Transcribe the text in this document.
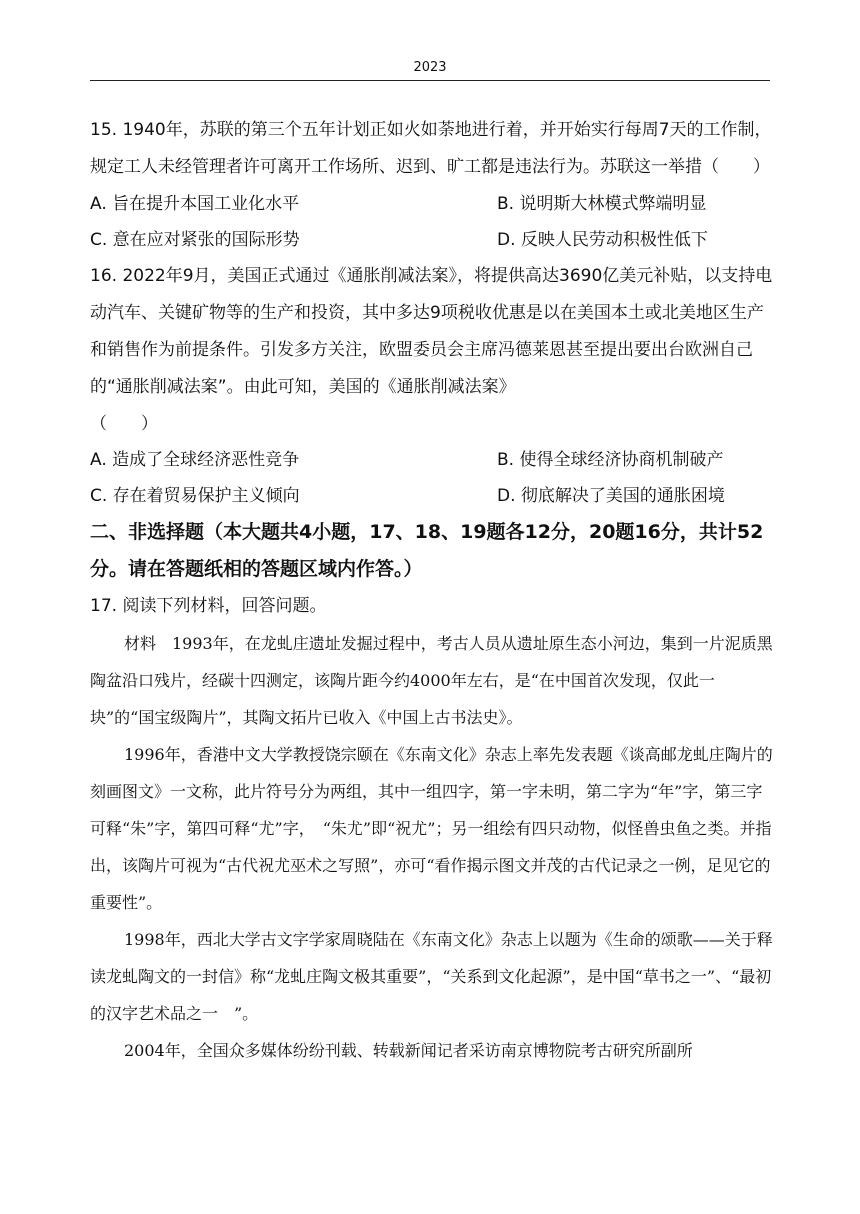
2023

15. 1940年，苏联的第三个五年计划正如火如荼地进行着，并开始实行每周7天的工作制，规定工人未经管理者许可离开工作场所、迟到、旷工都是违法行为。苏联这一举措（　　）

A. 旨在提升本国工业化水平	B. 说明斯大林模式弊端明显
C. 意在应对紧张的国际形势	D. 反映人民劳动积极性低下

16. 2022年9月，美国正式通过《通胀削减法案》，将提供高达3690亿美元补贴，以支持电动汽车、关键矿物等的生产和投资，其中多达9项税收优惠是以在美国本土或北美地区生产和销售作为前提条件。引发多方关注，欧盟委员会主席冯德莱恩甚至提出要出台欧洲自己的“通胀削减法案”。由此可知，美国的《通胀削减法案》

（　　）

A. 造成了全球经济恶性竞争	B. 使得全球经济协商机制破产
C. 存在着贸易保护主义倾向	D. 彻底解决了美国的通胀困境

二、非选择题（本大题共4小题，17、18、19题各12分，20题16分，共计52分。请在答题纸相的答题区域内作答。）

17. 阅读下列材料，回答问题。

材料　1993年，在龙虬庄遗址发掘过程中，考古人员从遗址原生态小河边，集到一片泥质黑陶盆沿口残片，经碳十四测定，该陶片距今约4000年左右，是“在中国首次发现，仅此一块”的“国宝级陶片”，其陶文拓片已收入《中国上古书法史》。

1996年，香港中文大学教授饶宗颐在《东南文化》杂志上率先发表题《谈高邮龙虬庄陶片的刻画图文》一文称，此片符号分为两组，其中一组四字，第一字未明，第二字为“年”字，第三字可释“朱”字，第四可释“尤”字，　“朱尤”即“祝尤”；另一组绘有四只动物，似怪兽虫鱼之类。并指出，该陶片可视为“古代祝尤巫术之写照”，亦可“看作揭示图文并茂的古代记录之一例，足见它的重要性”。

1998年，西北大学古文字学家周晓陆在《东南文化》杂志上以题为《生命的颂歌——关于释读龙虬陶文的一封信》称“龙虬庄陶文极其重要”，“关系到文化起源”，是中国“草书之一”、“最初的汉字艺术品之一　”。

2004年，全国众多媒体纷纷刊载、转载新闻记者采访南京博物院考古研究所副所
